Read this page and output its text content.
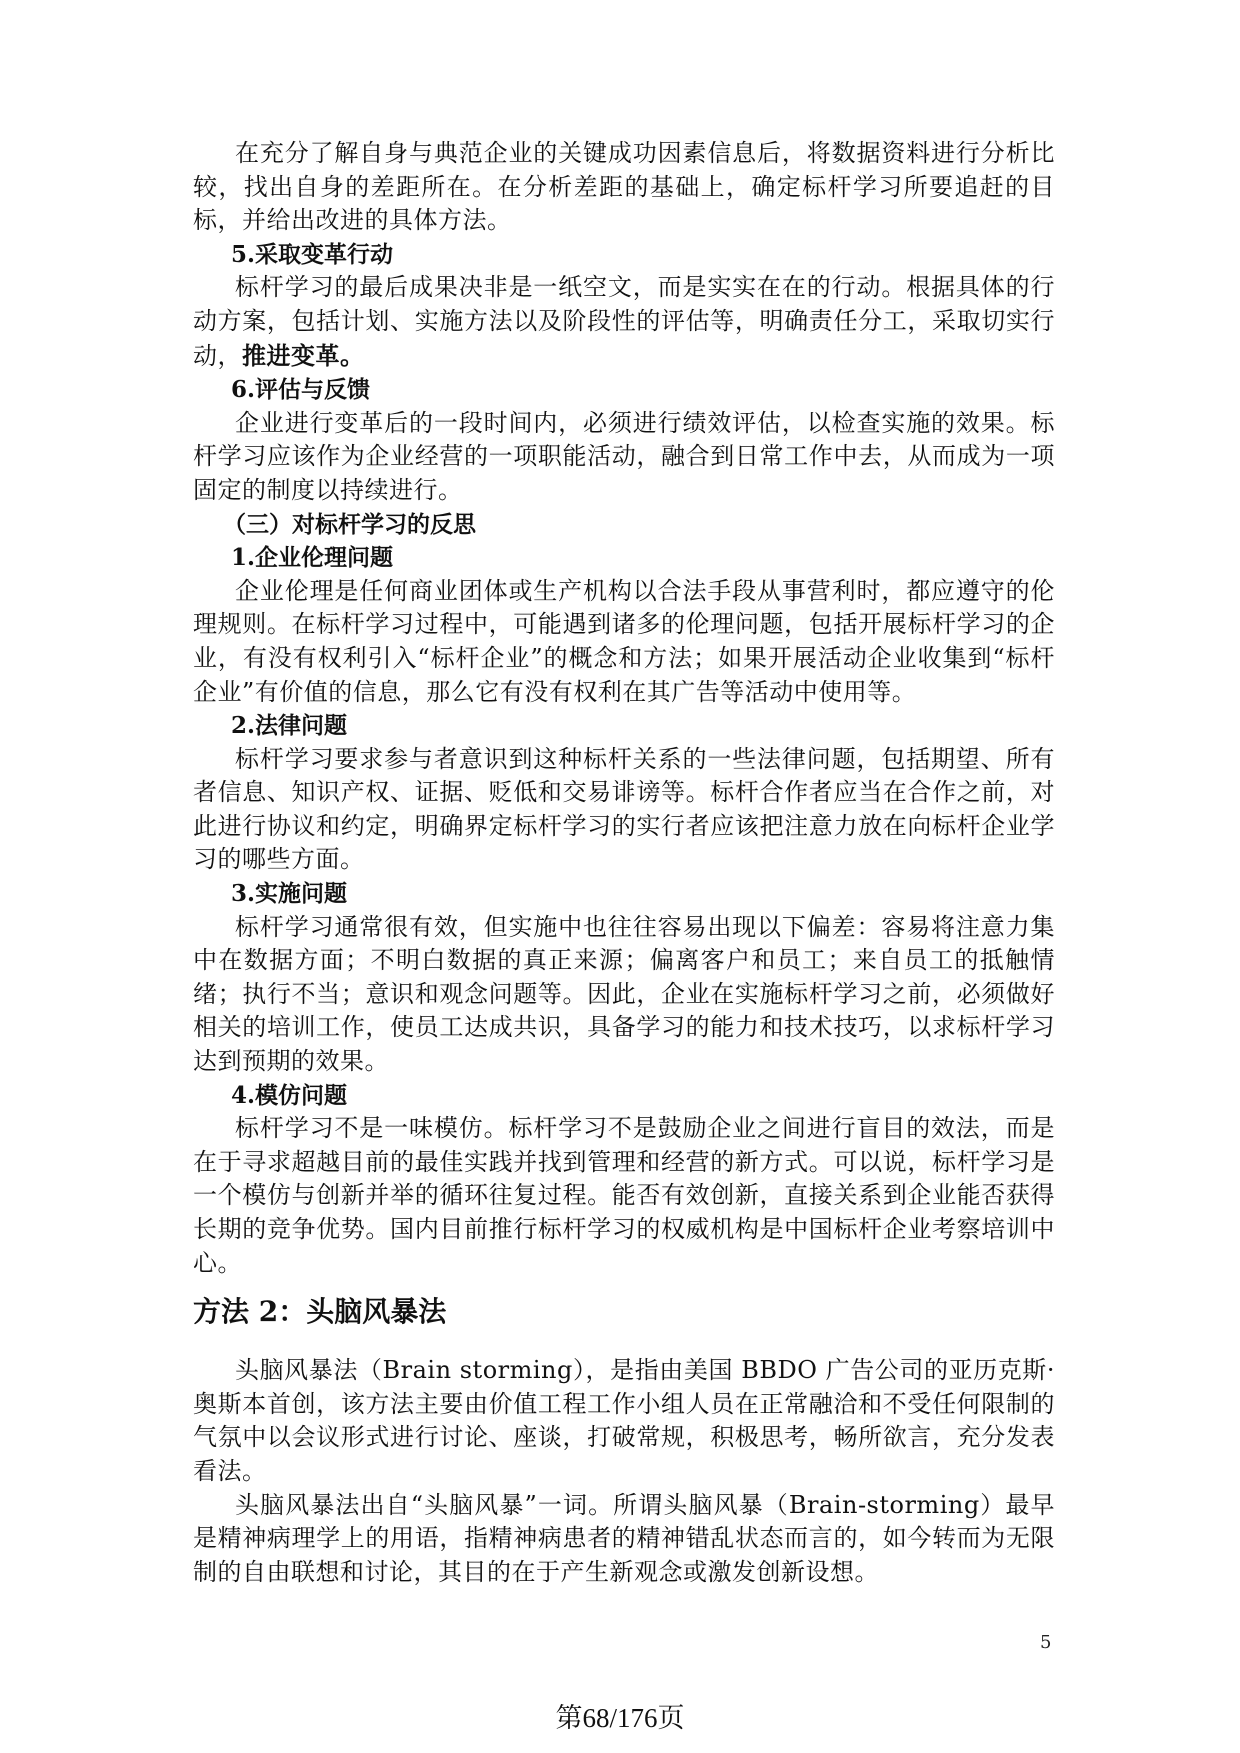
在充分了解自身与典范企业的关键成功因素信息后，将数据资料进行分析比较，找出自身的差距所在。在分析差距的基础上，确定标杆学习所要追赶的目标，并给出改进的具体方法。

5.采取变革行动

标杆学习的最后成果决非是一纸空文，而是实实在在的行动。根据具体的行动方案，包括计划、实施方法以及阶段性的评估等，明确责任分工，采取切实行动，推进变革。

6.评估与反馈

企业进行变革后的一段时间内，必须进行绩效评估，以检查实施的效果。标杆学习应该作为企业经营的一项职能活动，融合到日常工作中去，从而成为一项固定的制度以持续进行。

（三）对标杆学习的反思

1.企业伦理问题

企业伦理是任何商业团体或生产机构以合法手段从事营利时，都应遵守的伦理规则。在标杆学习过程中，可能遇到诸多的伦理问题，包括开展标杆学习的企业，有没有权利引入“标杆企业”的概念和方法；如果开展活动企业收集到“标杆企业”有价值的信息，那么它有没有权利在其广告等活动中使用等。

2.法律问题

标杆学习要求参与者意识到这种标杆关系的一些法律问题，包括期望、所有者信息、知识产权、证据、贬低和交易诽谤等。标杆合作者应当在合作之前，对此进行协议和约定，明确界定标杆学习的实行者应该把注意力放在向标杆企业学习的哪些方面。

3.实施问题

标杆学习通常很有效，但实施中也往往容易出现以下偏差：容易将注意力集中在数据方面；不明白数据的真正来源；偏离客户和员工；来自员工的抵触情绪；执行不当；意识和观念问题等。因此，企业在实施标杆学习之前，必须做好相关的培训工作，使员工达成共识，具备学习的能力和技术技巧，以求标杆学习达到预期的效果。

4.模仿问题

标杆学习不是一味模仿。标杆学习不是鼓励企业之间进行盲目的效法，而是在于寻求超越目前的最佳实践并找到管理和经营的新方式。可以说，标杆学习是一个模仿与创新并举的循环往复过程。能否有效创新，直接关系到企业能否获得长期的竞争优势。国内目前推行标杆学习的权威机构是中国标杆企业考察培训中心。

方法 2：头脑风暴法

头脑风暴法（Brain storming），是指由美国 BBDO 广告公司的亚历克斯·奥斯本首创，该方法主要由价值工程工作小组人员在正常融洽和不受任何限制的气氛中以会议形式进行讨论、座谈，打破常规，积极思考，畅所欲言，充分发表看法。

头脑风暴法出自“头脑风暴”一词。所谓头脑风暴（Brain-storming）最早是精神病理学上的用语，指精神病患者的精神错乱状态而言的，如今转而为无限制的自由联想和讨论，其目的在于产生新观念或激发创新设想。

5
第68/176页
